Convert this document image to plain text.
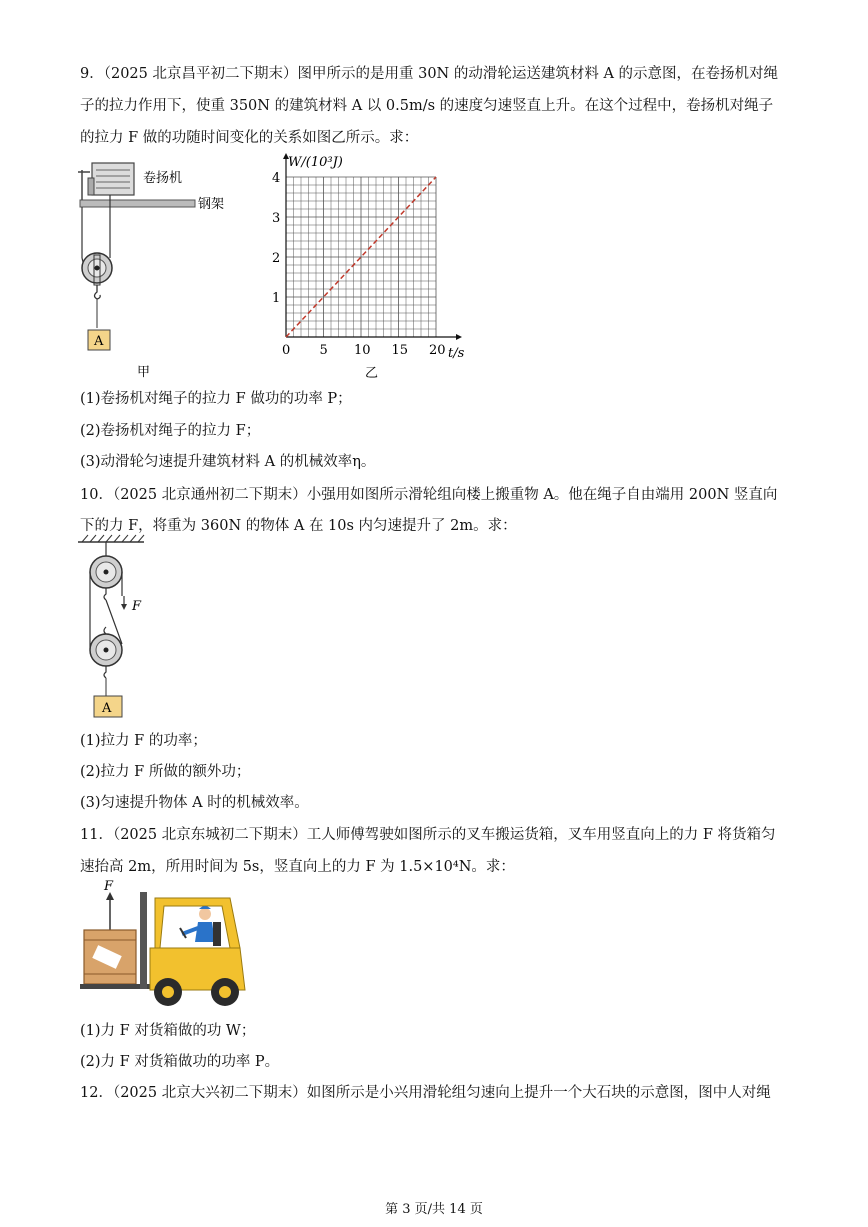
9．（2025 北京昌平初二下期末）图甲所示的是用重 30N 的动滑轮运送建筑材料 A 的示意图，在卷扬机对绳
子的拉力作用下，使重 350N 的建筑材料 A 以 0.5m/s 的速度匀速竖直上升。在这个过程中，卷扬机对绳子
的拉力 F 做的功随时间变化的关系如图乙所示。求：
A
卷扬机
钢架
甲
0 5 10 15 20
1
2
3
4
W/(10³J)
t/s
乙
(1)卷扬机对绳子的拉力 F 做功的功率 P；
(2)卷扬机对绳子的拉力 F；
(3)动滑轮匀速提升建筑材料 A 的机械效率η。
10．（2025 北京通州初二下期末）小强用如图所示滑轮组向楼上搬重物 A。他在绳子自由端用 200N 竖直向
下的力 F，将重为 360N 的物体 A 在 10s 内匀速提升了 2m。求：
F
A
(1)拉力 F 的功率；
(2)拉力 F 所做的额外功；
(3)匀速提升物体 A 时的机械效率。
11．（2025 北京东城初二下期末）工人师傅驾驶如图所示的叉车搬运货箱，叉车用竖直向上的力 F 将货箱匀
速抬高 2m，所用时间为 5s，竖直向上的力 F 为 1.5×10⁴N。求：
F
(1)力 F 对货箱做的功 W；
(2)力 F 对货箱做功的功率 P。
12．（2025 北京大兴初二下期末）如图所示是小兴用滑轮组匀速向上提升一个大石块的示意图，图中人对绳
第 3 页/共 14 页
